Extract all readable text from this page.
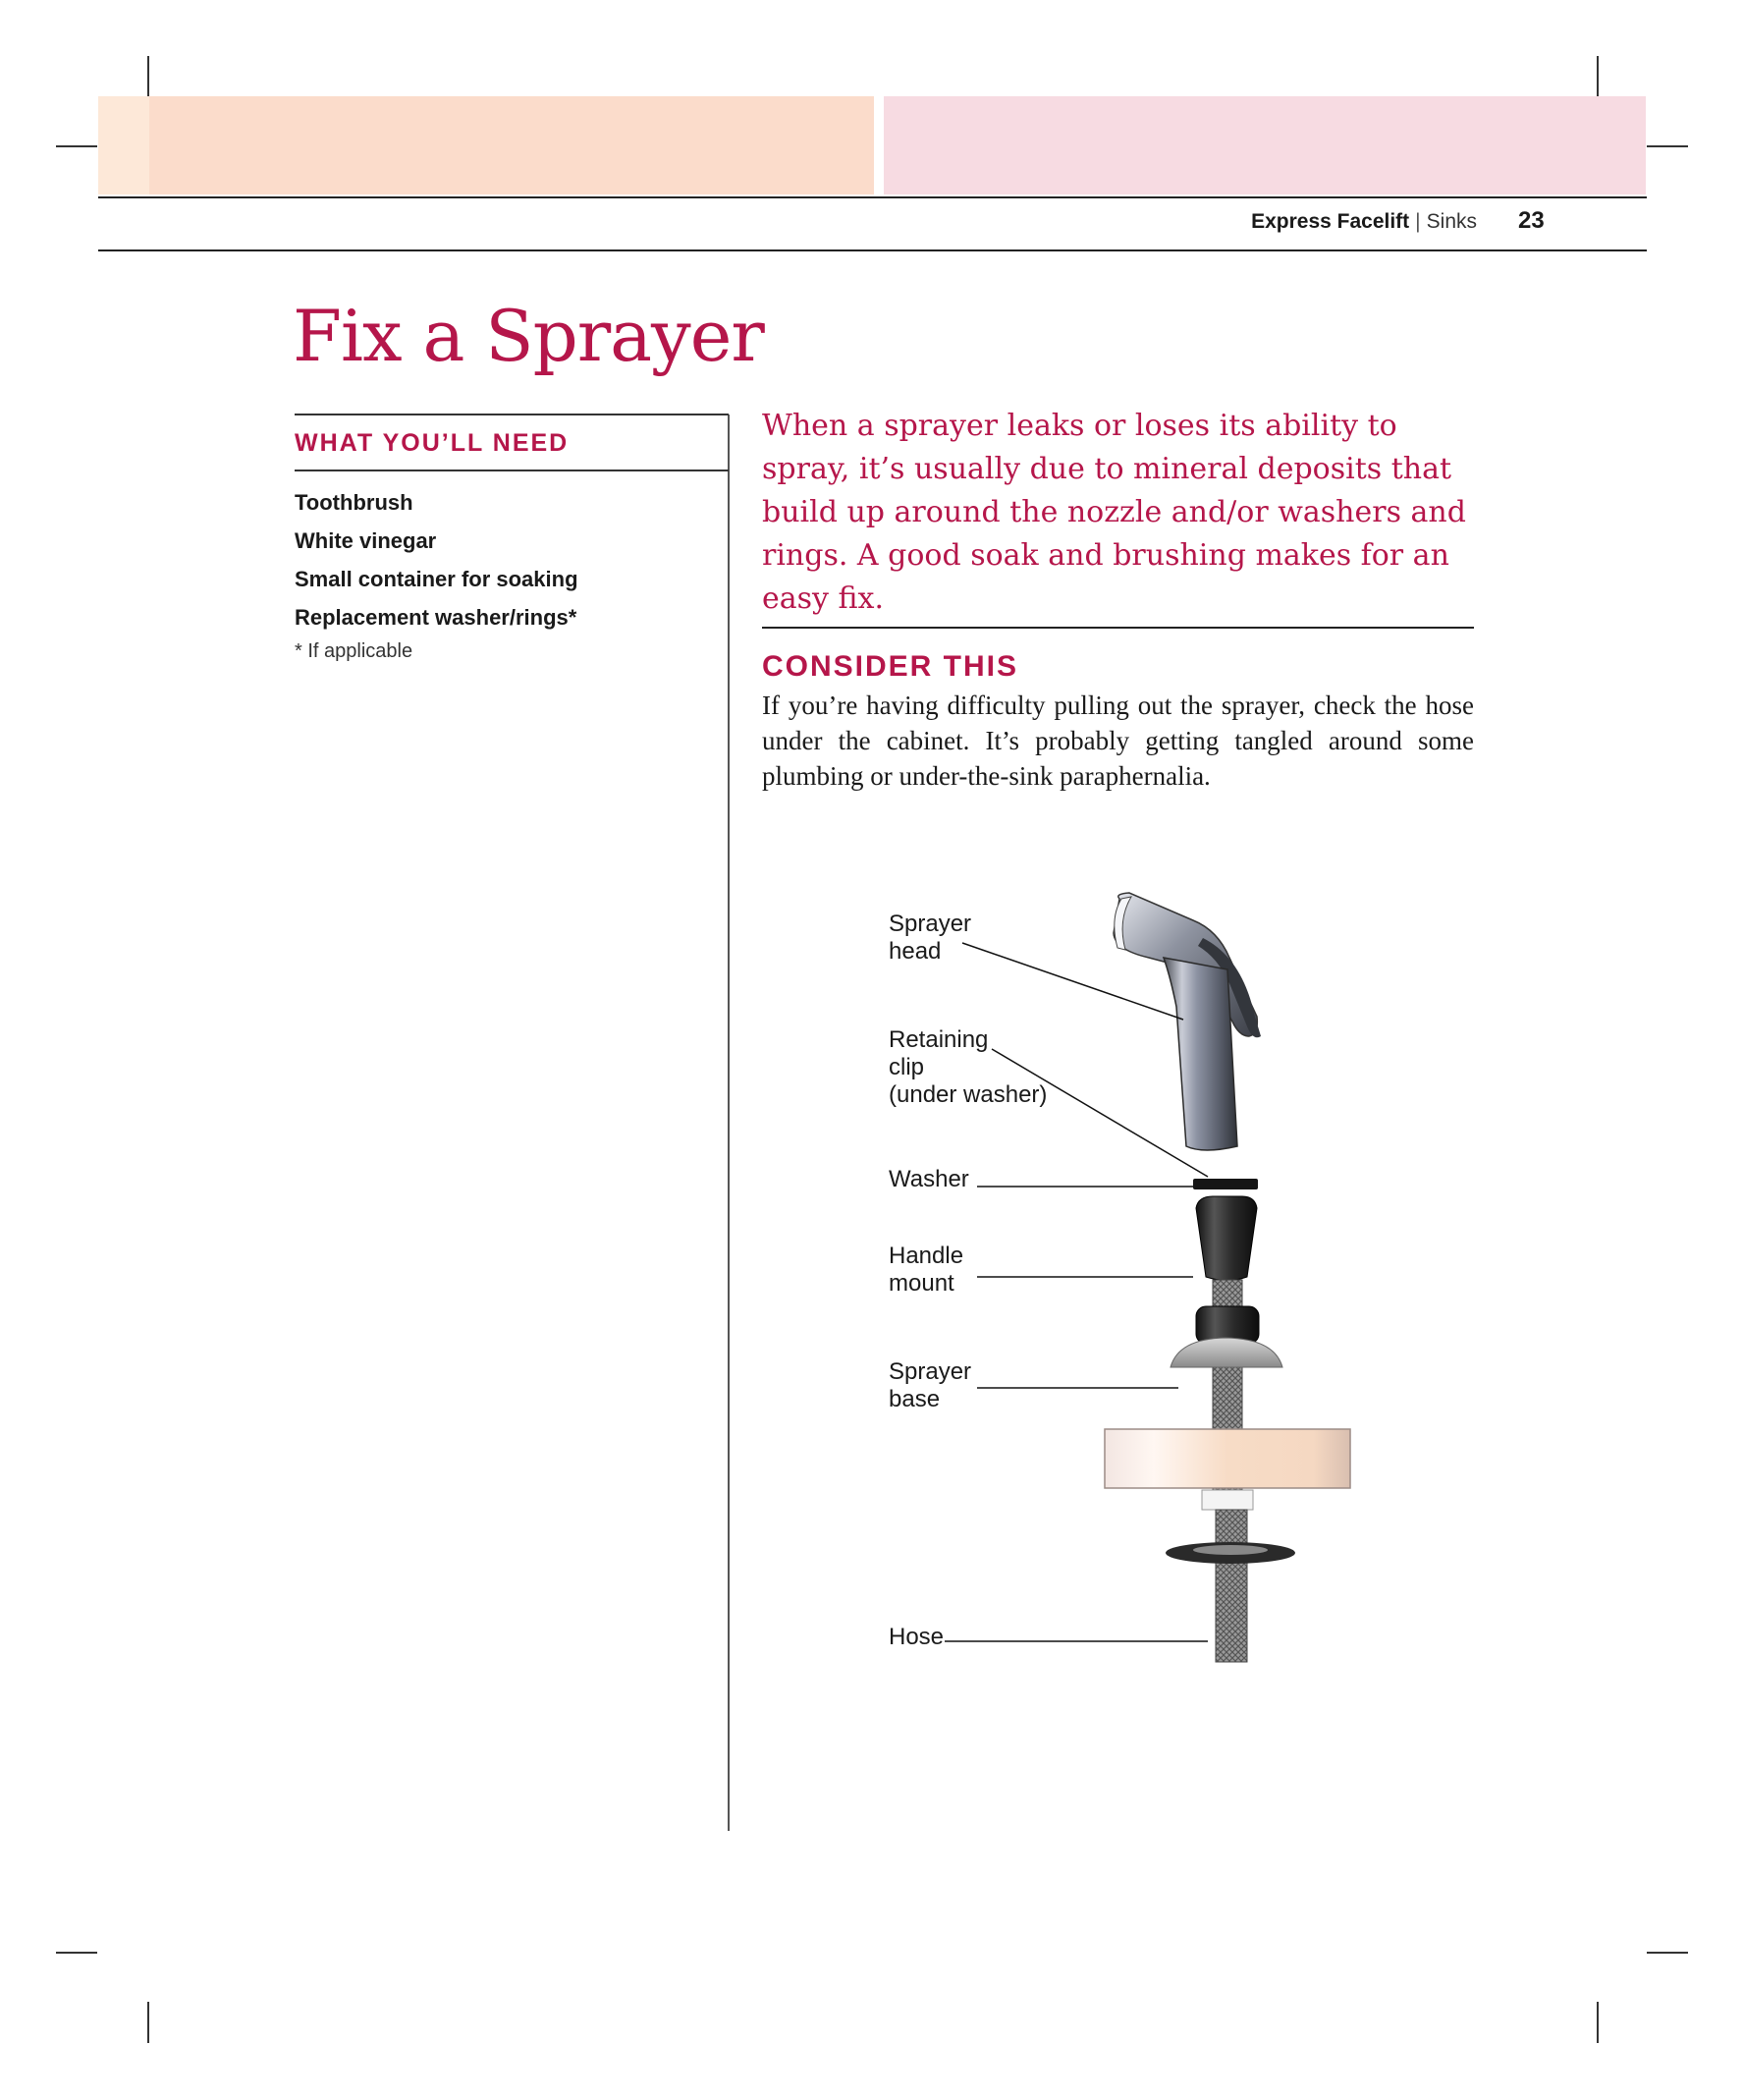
Express Facelift | Sinks 23
Fix a Sprayer
WHAT YOU’LL NEED
Toothbrush
White vinegar
Small container for soaking
Replacement washer/rings*
* If applicable

When a sprayer leaks or loses its ability to spray, it’s usually due to mineral deposits that build up around the nozzle and/or washers and rings. A good soak and brushing makes for an easy fix.

CONSIDER THIS

If you’re having difficulty pulling out the sprayer, check the hose under the cabinet. It’s probably getting tangled around some plumbing or under-the-sink paraphernalia.

Sprayer
head
Retaining
clip
(under washer)
Washer
Handle
mount
Sprayer
base
Hose
